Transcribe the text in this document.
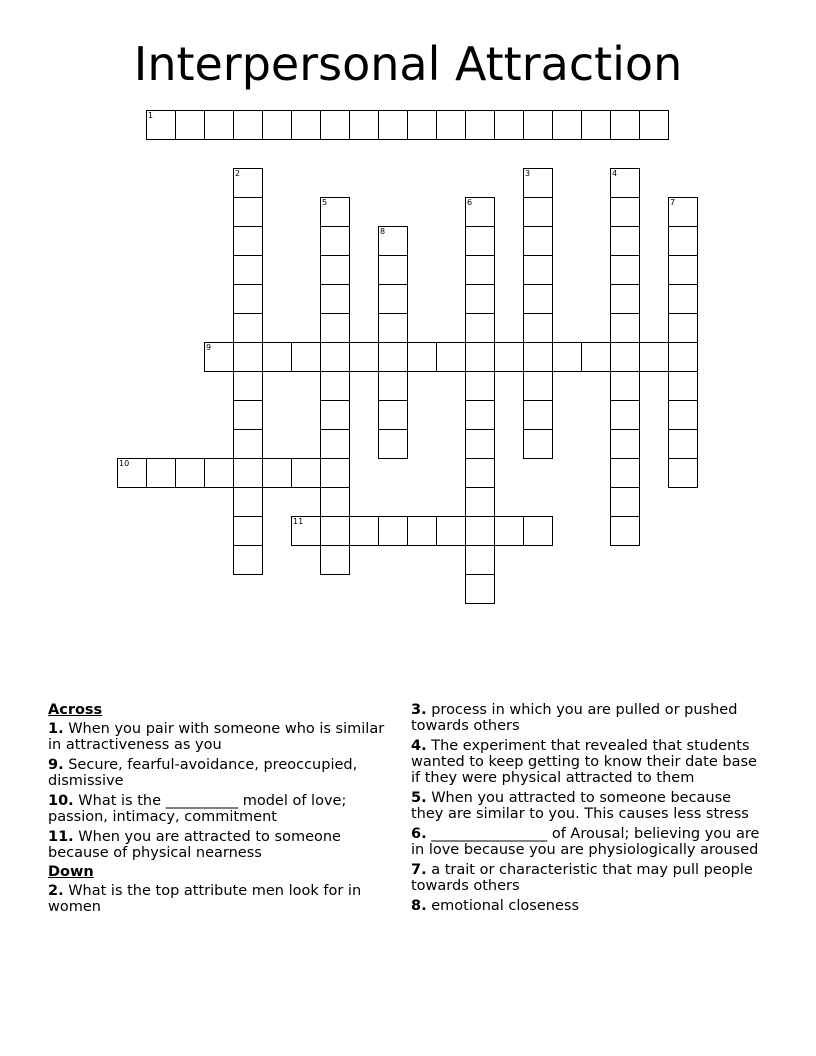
Interpersonal Attraction
1
9
10
11
2	3	4
5	6	7
8
Across
1. When you pair with someone who is similar in attractiveness as you
9. Secure, fearful-avoidance, preoccupied, dismissive
10. What is the __________ model of love; passion, intimacy, commitment
11. When you are attracted to someone because of physical nearness
Down
2. What is the top attribute men look for in women
3. process in which you are pulled or pushed towards others
4. The experiment that revealed that students wanted to keep getting to know their date base if they were physical attracted to them
5. When you attracted to someone because they are similar to you. This causes less stress
6. ________________ of Arousal; believing you are in love because you are physiologically aroused
7. a trait or characteristic that may pull people towards others
8. emotional closeness
